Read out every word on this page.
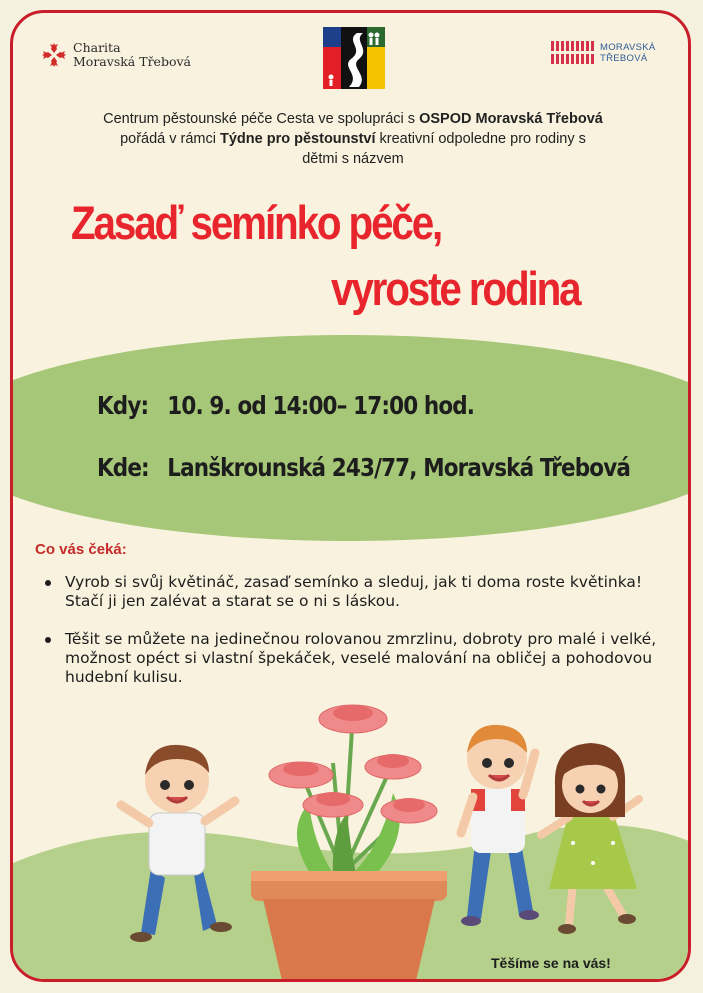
Charita
Moravská Třebová
MORAVSKÁ
TŘEBOVÁ
Centrum pěstounské péče Cesta ve spolupráci s OSPOD Moravská Třebová pořádá v rámci Týdne pro pěstounství kreativní odpoledne pro rodiny s dětmi s názvem
Zasaď semínko péče,
vyroste rodina
Kdy: 10. 9. od 14:00– 17:00 hod.
Kde: Lanškrounská 243/77, Moravská Třebová
Co vás čeká:
Vyrob si svůj květináč, zasaď semínko a sleduj, jak ti doma roste květinka! Stačí ji jen zalévat a starat se o ni s láskou.
Těšit se můžete na jedinečnou rolovanou zmrzlinu, dobroty pro malé i velké, možnost opéct si vlastní špekáček, veselé malování na obličej a pohodovou hudební kulisu.
Těšíme se na vás!
